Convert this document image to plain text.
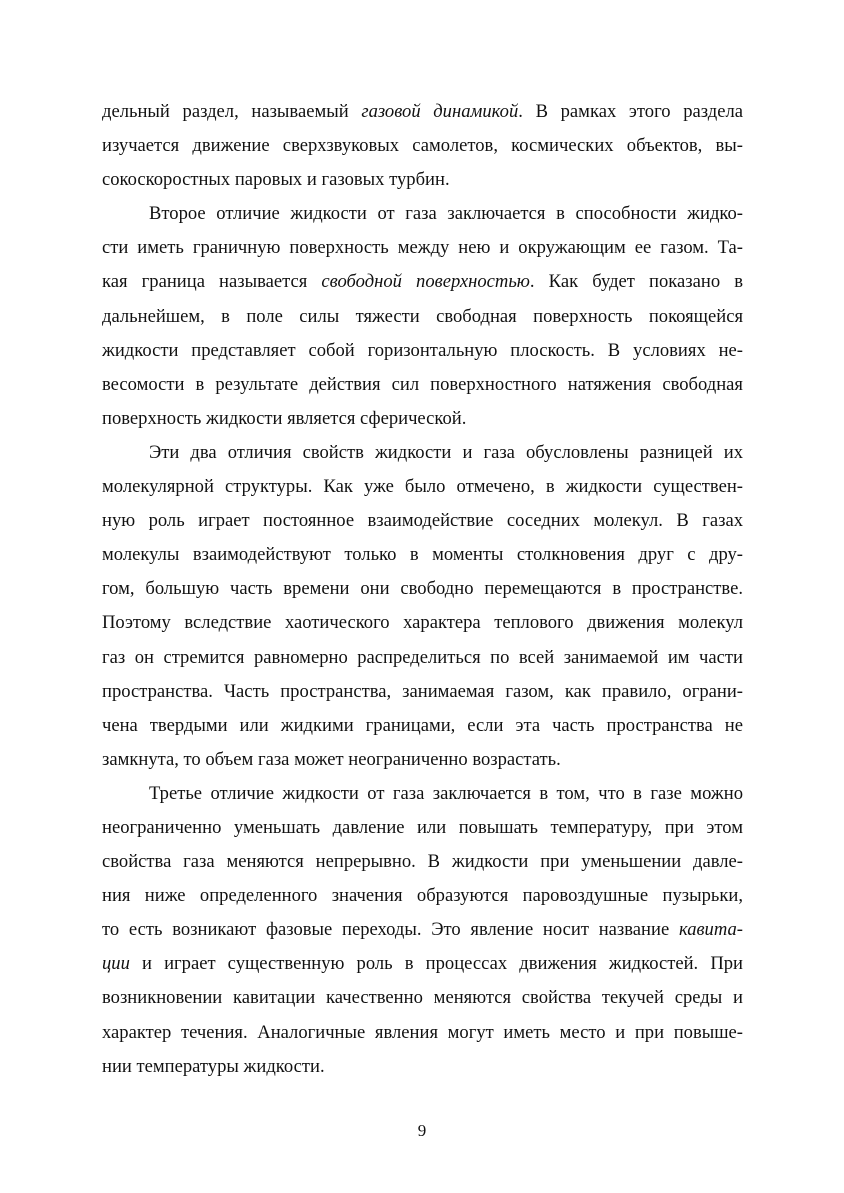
дельный раздел, называемый газовой динамикой. В рамках этого раздела
изучается движение сверхзвуковых самолетов, космических объектов, вы-
сокоскоростных паровых и газовых турбин.
Второе отличие жидкости от газа заключается в способности жидко-
сти иметь граничную поверхность между нею и окружающим ее газом. Та-
кая граница называется свободной поверхностью. Как будет показано в
дальнейшем, в поле силы тяжести свободная поверхность покоящейся
жидкости представляет собой горизонтальную плоскость. В условиях не-
весомости в результате действия сил поверхностного натяжения свободная
поверхность жидкости является сферической.
Эти два отличия свойств жидкости и газа обусловлены разницей их
молекулярной структуры. Как уже было отмечено, в жидкости существен-
ную роль играет постоянное взаимодействие соседних молекул. В газах
молекулы взаимодействуют только в моменты столкновения друг с дру-
гом, большую часть времени они свободно перемещаются в пространстве.
Поэтому вследствие хаотического характера теплового движения молекул
газ он стремится равномерно распределиться по всей занимаемой им части
пространства. Часть пространства, занимаемая газом, как правило, ограни-
чена твердыми или жидкими границами, если эта часть пространства не
замкнута, то объем газа может неограниченно возрастать.
Третье отличие жидкости от газа заключается в том, что в газе можно
неограниченно уменьшать давление или повышать температуру, при этом
свойства газа меняются непрерывно. В жидкости при уменьшении давле-
ния ниже определенного значения образуются паровоздушные пузырьки,
то есть возникают фазовые переходы. Это явление носит название кавита-
ции и играет существенную роль в процессах движения жидкостей. При
возникновении кавитации качественно меняются свойства текучей среды и
характер течения. Аналогичные явления могут иметь место и при повыше-
нии температуры жидкости.
9
